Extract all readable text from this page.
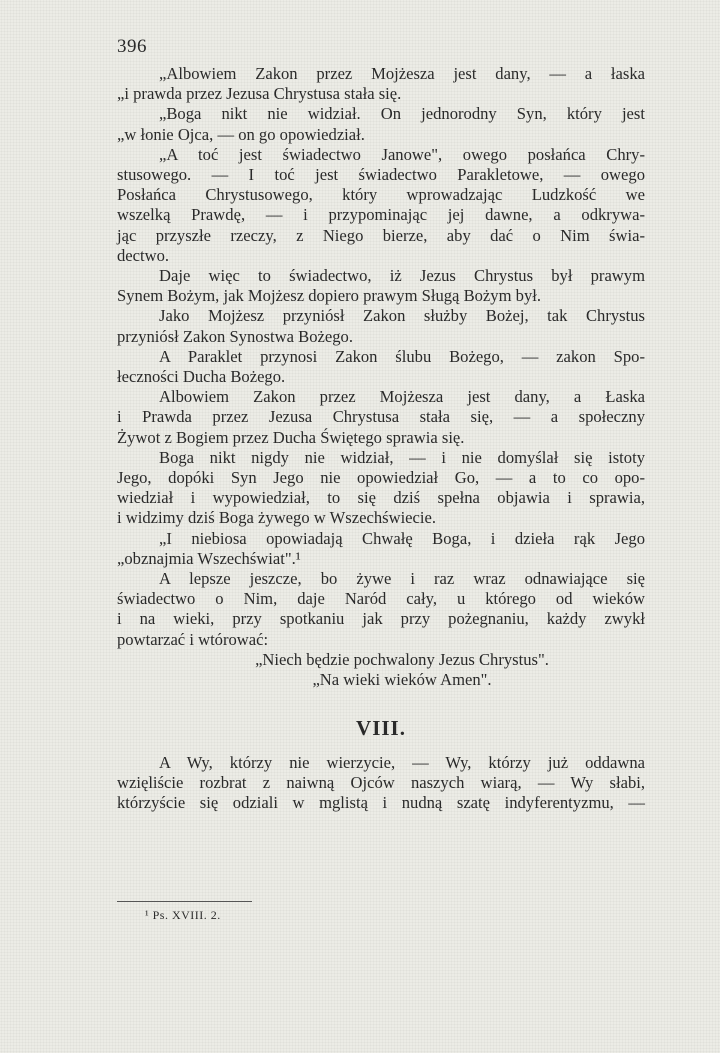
396

„Albowiem Zakon przez Mojżesza jest dany, — a łaska
„i prawda przez Jezusa Chrystusa stała się.

„Boga nikt nie widział. On jednorodny Syn, który jest
„w łonie Ojca, — on go opowiedział.

„A toć jest świadectwo Janowe", owego posłańca Chry-
stusowego. — I toć jest świadectwo Parakletowe, — owego
Posłańca Chrystusowego, który wprowadzając Ludzkość we
wszelką Prawdę, — i przypominając jej dawne, a odkrywa-
jąc przyszłe rzeczy, z Niego bierze, aby dać o Nim świa-
dectwo.

Daje więc to świadectwo, iż Jezus Chrystus był prawym
Synem Bożym, jak Mojżesz dopiero prawym Sługą Bożym był.

Jako Mojżesz przyniósł Zakon służby Bożej, tak Chrystus
przyniósł Zakon Synostwa Bożego.

A Paraklet przynosi Zakon ślubu Bożego, — zakon Spo-
łeczności Ducha Bożego.

Albowiem Zakon przez Mojżesza jest dany, a Łaska
i Prawda przez Jezusa Chrystusa stała się, — a społeczny
Żywot z Bogiem przez Ducha Świętego sprawia się.

Boga nikt nigdy nie widział, — i nie domyślał się istoty
Jego, dopóki Syn Jego nie opowiedział Go, — a to co opo-
wiedział i wypowiedział, to się dziś spełna objawia i sprawia,
i widzimy dziś Boga żywego w Wszechświecie.

„I niebiosa opowiadają Chwałę Boga, i dzieła rąk Jego
„obznajmia Wszechświat".¹

A lepsze jeszcze, bo żywe i raz wraz odnawiające się
świadectwo o Nim, daje Naród cały, u którego od wieków
i na wieki, przy spotkaniu jak przy pożegnaniu, każdy zwykł
powtarzać i wtórować:

„Niech będzie pochwalony Jezus Chrystus".
„Na wieki wieków Amen".
VIII.

A Wy, którzy nie wierzycie, — Wy, którzy już oddawna
wzięliście rozbrat z naiwną Ojców naszych wiarą, — Wy słabi,
którzyście się odziali w mglistą i nudną szatę indyferentyzmu, —

¹ Ps. XVIII. 2.
